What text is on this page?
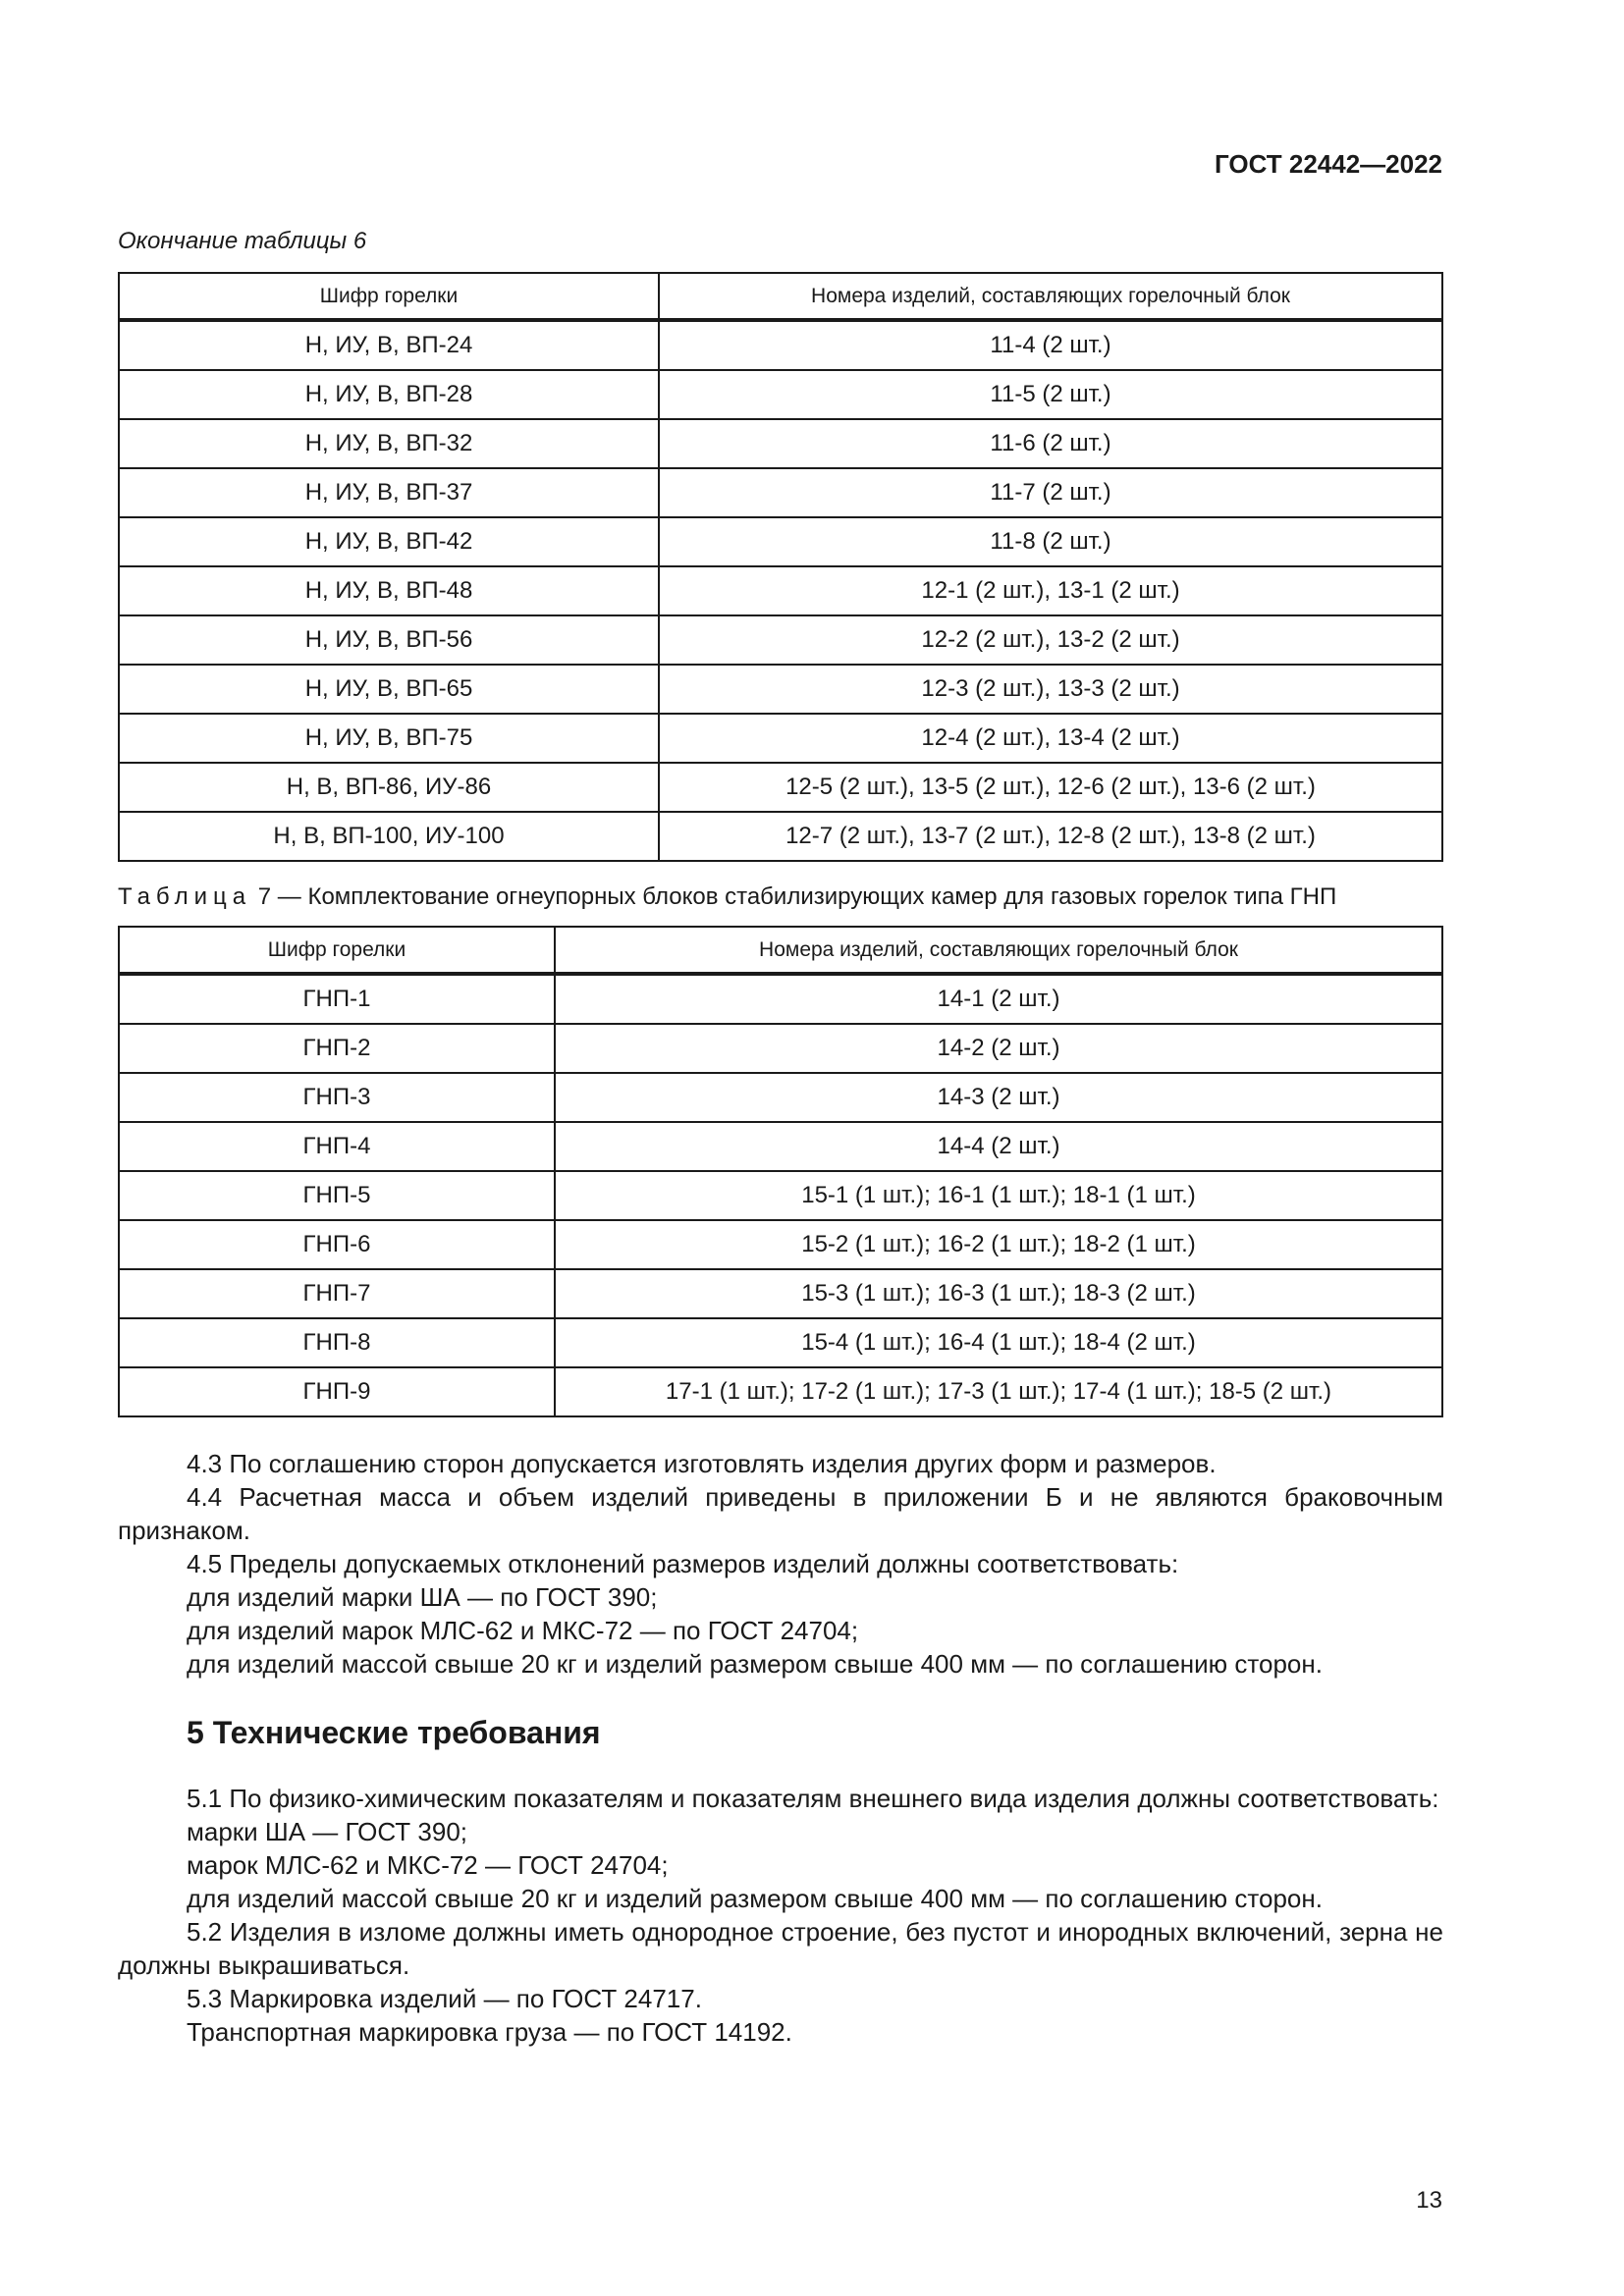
ГОСТ 22442—2022
Окончание таблицы 6
Шифр горелки	Номера изделий, составляющих горелочный блок
Н, ИУ, В, ВП-24	11-4 (2 шт.)
Н, ИУ, В, ВП-28	11-5 (2 шт.)
Н, ИУ, В, ВП-32	11-6 (2 шт.)
Н, ИУ, В, ВП-37	11-7 (2 шт.)
Н, ИУ, В, ВП-42	11-8 (2 шт.)
Н, ИУ, В, ВП-48	12-1 (2 шт.), 13-1 (2 шт.)
Н, ИУ, В, ВП-56	12-2 (2 шт.), 13-2 (2 шт.)
Н, ИУ, В, ВП-65	12-3 (2 шт.), 13-3 (2 шт.)
Н, ИУ, В, ВП-75	12-4 (2 шт.), 13-4 (2 шт.)
Н, В, ВП-86, ИУ-86	12-5 (2 шт.), 13-5 (2 шт.), 12-6 (2 шт.), 13-6 (2 шт.)
Н, В, ВП-100, ИУ-100	12-7 (2 шт.), 13-7 (2 шт.), 12-8 (2 шт.), 13-8 (2 шт.)
Таблица 7 — Комплектование огнеупорных блоков стабилизирующих камер для газовых горелок типа ГНП
Шифр горелки	Номера изделий, составляющих горелочный блок
ГНП-1	14-1 (2 шт.)
ГНП-2	14-2 (2 шт.)
ГНП-3	14-3 (2 шт.)
ГНП-4	14-4 (2 шт.)
ГНП-5	15-1 (1 шт.); 16-1 (1 шт.); 18-1 (1 шт.)
ГНП-6	15-2 (1 шт.); 16-2 (1 шт.); 18-2 (1 шт.)
ГНП-7	15-3 (1 шт.); 16-3 (1 шт.); 18-3 (2 шт.)
ГНП-8	15-4 (1 шт.); 16-4 (1 шт.); 18-4 (2 шт.)
ГНП-9	17-1 (1 шт.); 17-2 (1 шт.); 17-3 (1 шт.); 17-4 (1 шт.); 18-5 (2 шт.)

4.3 По соглашению сторон допускается изготовлять изделия других форм и размеров.

4.4 Расчетная масса и объем изделий приведены в приложении Б и не являются браковочным признаком.

4.5 Пределы допускаемых отклонений размеров изделий должны соответствовать:

для изделий марки ША — по ГОСТ 390;

для изделий марок МЛС-62 и МКС-72 — по ГОСТ 24704;

для изделий массой свыше 20 кг и изделий размером свыше 400 мм — по соглашению сторон.

5 Технические требования

5.1 По физико-химическим показателям и показателям внешнего вида изделия должны соответствовать:

марки ША — ГОСТ 390;

марок МЛС-62 и МКС-72 — ГОСТ 24704;

для изделий массой свыше 20 кг и изделий размером свыше 400 мм — по соглашению сторон.

5.2 Изделия в изломе должны иметь однородное строение, без пустот и инородных включений, зерна не должны выкрашиваться.

5.3 Маркировка изделий — по ГОСТ 24717.

Транспортная маркировка груза — по ГОСТ 14192.

13
